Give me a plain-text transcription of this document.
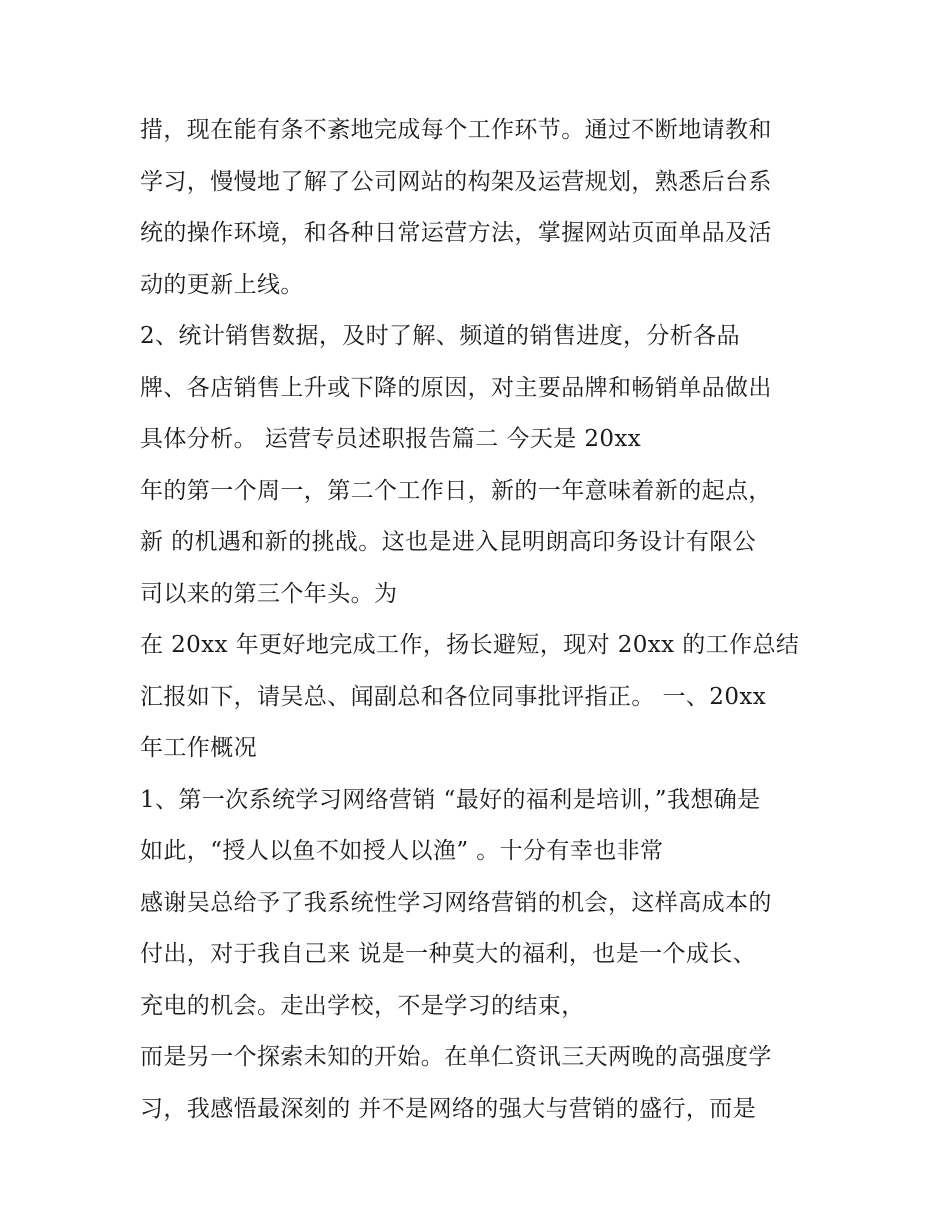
措，现在能有条不紊地完成每个工作环节。通过不断地请教和
学习，慢慢地了解了公司网站的构架及运营规划，熟悉后台系
统的操作环境，和各种日常运营方法，掌握网站页面单品及活
动的更新上线。
2、统计销售数据，及时了解、频道的销售进度，分析各品
牌、各店销售上升或下降的原因，对主要品牌和畅销单品做出
具体分析。 运营专员述职报告篇二 今天是 20xx
年的第一个周一，第二个工作日，新的一年意味着新的起点，
新 的机遇和新的挑战。这也是进入昆明朗高印务设计有限公
司以来的第三个年头。为
在 20xx 年更好地完成工作，扬长避短，现对 20xx 的工作总结
汇报如下，请吴总、闻副总和各位同事批评指正。 一、20xx
年工作概况
1、第一次系统学习网络营销 “最好的福利是培训，”我想确是
如此，“授人以鱼不如授人以渔” 。十分有幸也非常
感谢吴总给予了我系统性学习网络营销的机会，这样高成本的
付出，对于我自己来 说是一种莫大的福利，也是一个成长、
充电的机会。走出学校，不是学习的结束，
而是另一个探索未知的开始。在单仁资讯三天两晚的高强度学
习，我感悟最深刻的 并不是网络的强大与营销的盛行，而是
